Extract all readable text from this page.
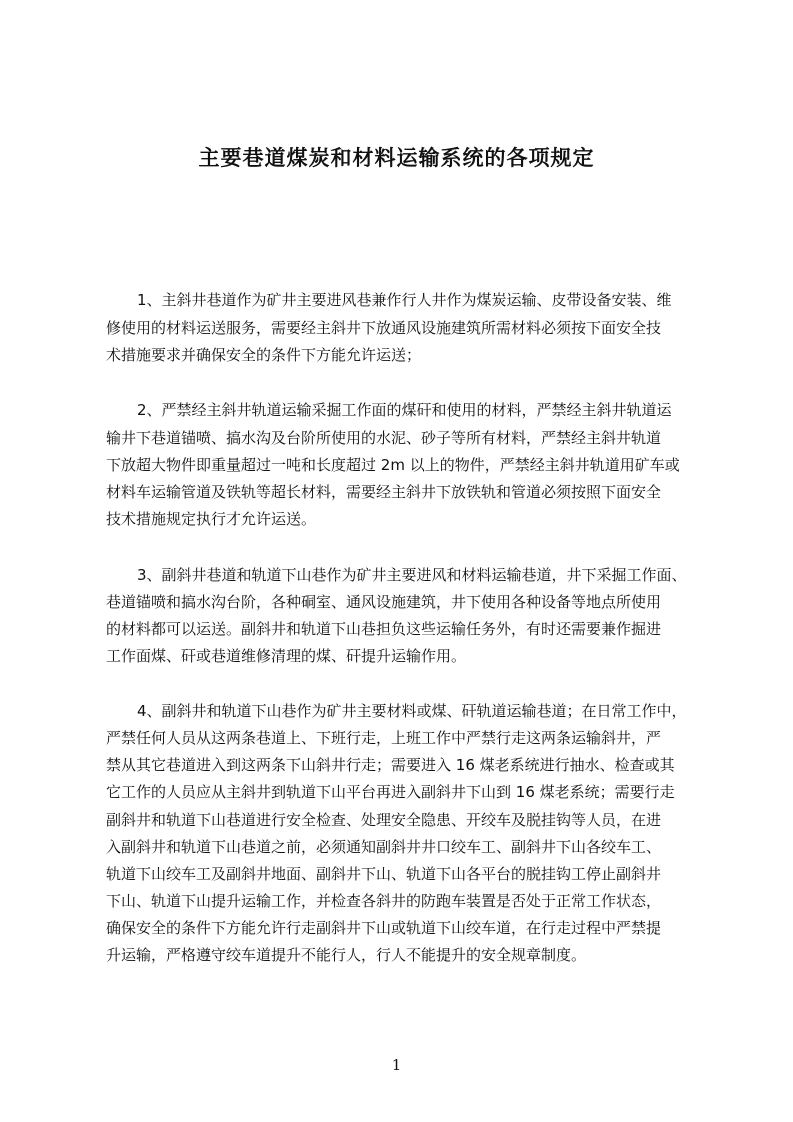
主要巷道煤炭和材料运输系统的各项规定
1、主斜井巷道作为矿井主要进风巷兼作行人井作为煤炭运输、皮带设备安装、维
修使用的材料运送服务，需要经主斜井下放通风设施建筑所需材料必须按下面安全技
术措施要求并确保安全的条件下方能允许运送；
2、严禁经主斜井轨道运输采掘工作面的煤矸和使用的材料，严禁经主斜井轨道运
输井下巷道锚喷、搞水沟及台阶所使用的水泥、砂子等所有材料，严禁经主斜井轨道
下放超大物件即重量超过一吨和长度超过 2m 以上的物件，严禁经主斜井轨道用矿车或
材料车运输管道及铁轨等超长材料，需要经主斜井下放铁轨和管道必须按照下面安全
技术措施规定执行才允许运送。
3、副斜井巷道和轨道下山巷作为矿井主要进风和材料运输巷道，井下采掘工作面、
巷道锚喷和搞水沟台阶，各种硐室、通风设施建筑，井下使用各种设备等地点所使用
的材料都可以运送。副斜井和轨道下山巷担负这些运输任务外，有时还需要兼作掘进
工作面煤、矸或巷道维修清理的煤、矸提升运输作用。
4、副斜井和轨道下山巷作为矿井主要材料或煤、矸轨道运输巷道；在日常工作中，
严禁任何人员从这两条巷道上、下班行走，上班工作中严禁行走这两条运输斜井，严
禁从其它巷道进入到这两条下山斜井行走；需要进入 16 煤老系统进行抽水、检查或其
它工作的人员应从主斜井到轨道下山平台再进入副斜井下山到 16 煤老系统；需要行走
副斜井和轨道下山巷道进行安全检查、处理安全隐患、开绞车及脱挂钩等人员，在进
入副斜井和轨道下山巷道之前，必须通知副斜井井口绞车工、副斜井下山各绞车工、
轨道下山绞车工及副斜井地面、副斜井下山、轨道下山各平台的脱挂钩工停止副斜井
下山、轨道下山提升运输工作，并检查各斜井的防跑车装置是否处于正常工作状态，
确保安全的条件下方能允许行走副斜井下山或轨道下山绞车道，在行走过程中严禁提
升运输，严格遵守绞车道提升不能行人，行人不能提升的安全规章制度。
1
